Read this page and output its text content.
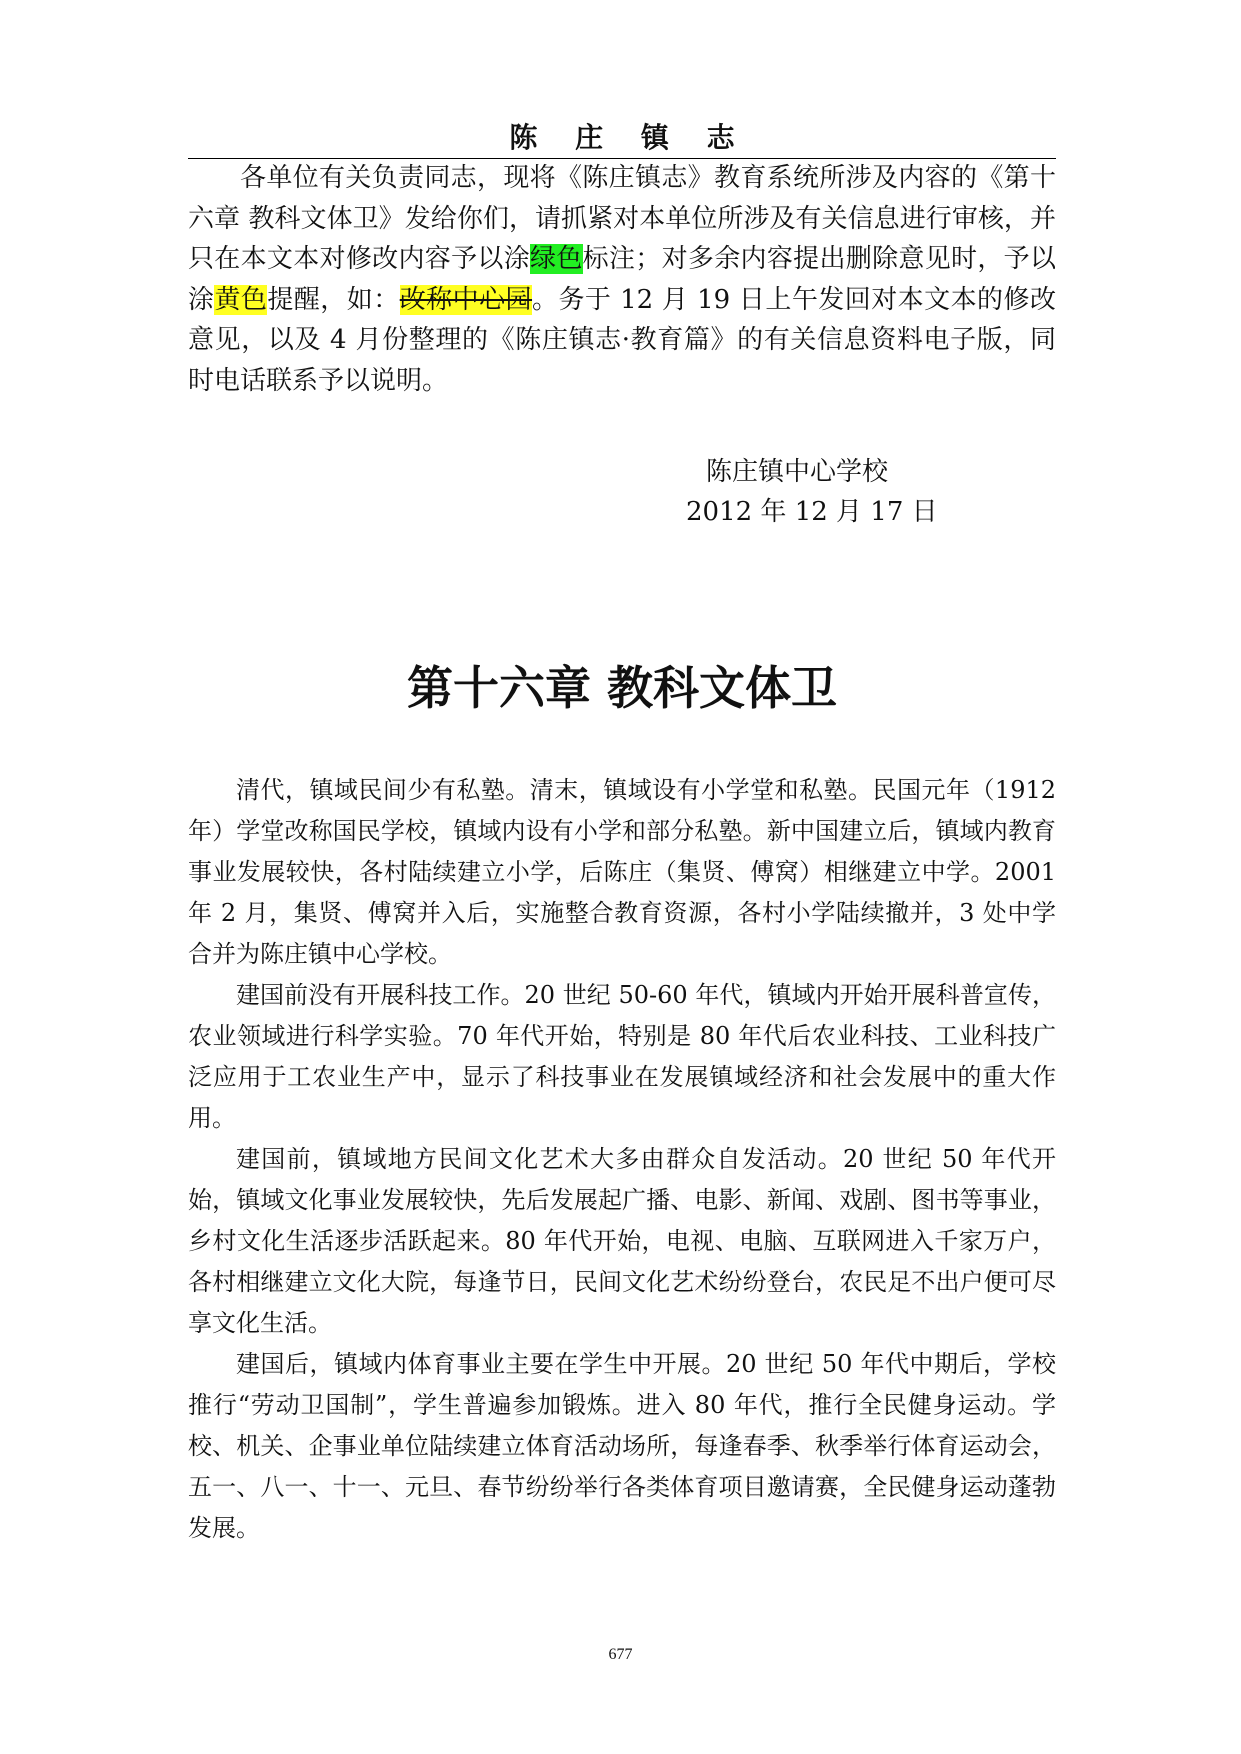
陈 庄 镇 志

各单位有关负责同志，现将《陈庄镇志》教育系统所涉及内容的《第十六章 教科文体卫》发给你们，请抓紧对本单位所涉及有关信息进行审核，并只在本文本对修改内容予以涂绿色标注；对多余内容提出删除意见时，予以涂黄色提醒，如：改称中心园。务于 12 月 19 日上午发回对本文本的修改意见，以及 4 月份整理的《陈庄镇志·教育篇》的有关信息资料电子版，同时电话联系予以说明。

陈庄镇中心学校
2012 年 12 月 17 日
第十六章 教科文体卫

清代，镇域民间少有私塾。清末，镇域设有小学堂和私塾。民国元年（1912 年）学堂改称国民学校，镇域内设有小学和部分私塾。新中国建立后，镇域内教育事业发展较快，各村陆续建立小学，后陈庄（集贤、傅窝）相继建立中学。2001 年 2 月，集贤、傅窝并入后，实施整合教育资源，各村小学陆续撤并，3 处中学合并为陈庄镇中心学校。

建国前没有开展科技工作。20 世纪 50-60 年代，镇域内开始开展科普宣传，农业领域进行科学实验。70 年代开始，特别是 80 年代后农业科技、工业科技广泛应用于工农业生产中，显示了科技事业在发展镇域经济和社会发展中的重大作用。

建国前，镇域地方民间文化艺术大多由群众自发活动。20 世纪 50 年代开始，镇域文化事业发展较快，先后发展起广播、电影、新闻、戏剧、图书等事业，乡村文化生活逐步活跃起来。80 年代开始，电视、电脑、互联网进入千家万户，各村相继建立文化大院，每逢节日，民间文化艺术纷纷登台，农民足不出户便可尽享文化生活。

建国后，镇域内体育事业主要在学生中开展。20 世纪 50 年代中期后，学校推行“劳动卫国制”，学生普遍参加锻炼。进入 80 年代，推行全民健身运动。学校、机关、企事业单位陆续建立体育活动场所，每逢春季、秋季举行体育运动会，五一、八一、十一、元旦、春节纷纷举行各类体育项目邀请赛，全民健身运动蓬勃发展。

677
